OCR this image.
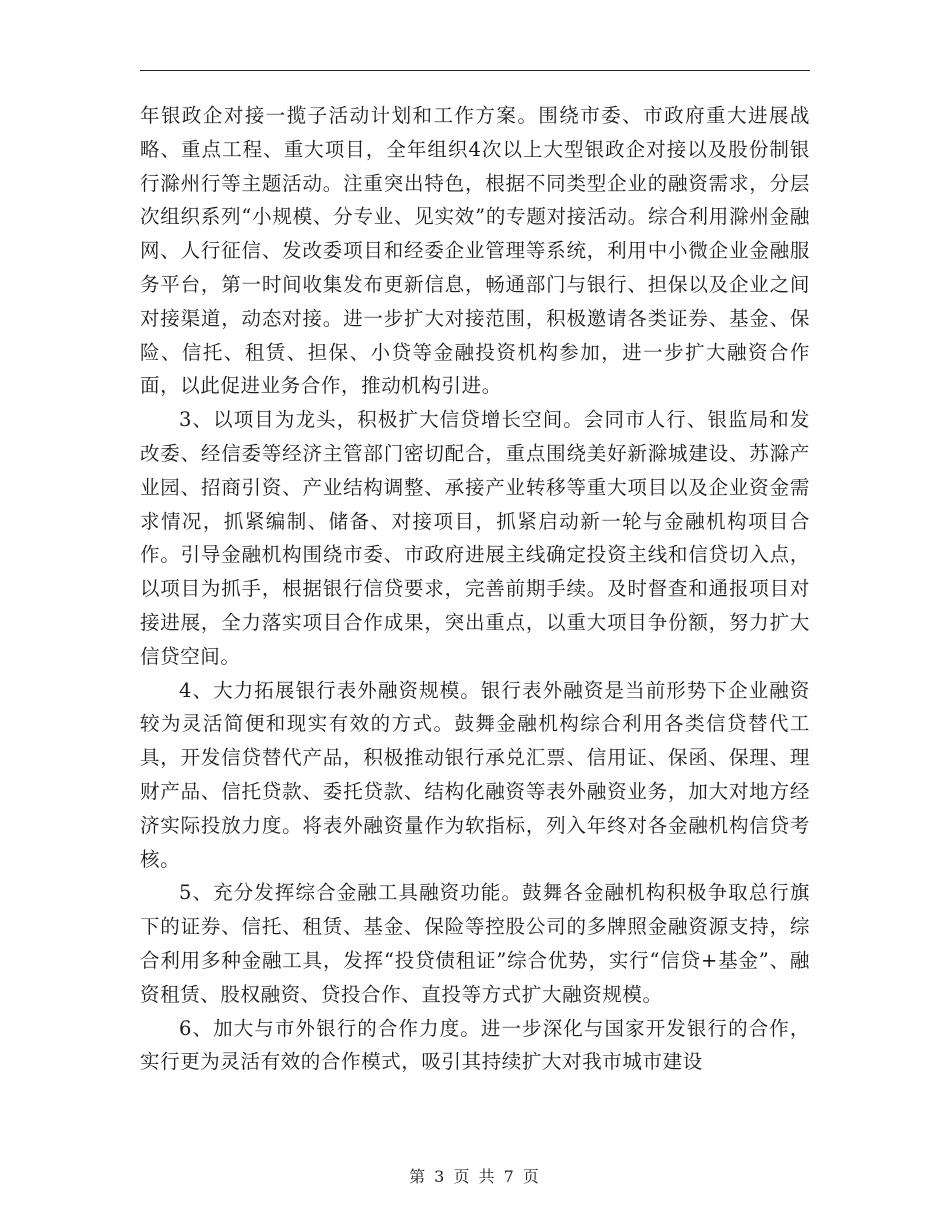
年银政企对接一揽子活动计划和工作方案。围绕市委、市政府重大进展战略、重点工程、重大项目，全年组织4次以上大型银政企对接以及股份制银行滁州行等主题活动。注重突出特色，根据不同类型企业的融资需求，分层次组织系列“小规模、分专业、见实效”的专题对接活动。综合利用滁州金融网、人行征信、发改委项目和经委企业管理等系统，利用中小微企业金融服务平台，第一时间收集发布更新信息，畅通部门与银行、担保以及企业之间对接渠道，动态对接。进一步扩大对接范围，积极邀请各类证券、基金、保险、信托、租赁、担保、小贷等金融投资机构参加，进一步扩大融资合作面，以此促进业务合作，推动机构引进。

3、以项目为龙头，积极扩大信贷增长空间。会同市人行、银监局和发改委、经信委等经济主管部门密切配合，重点围绕美好新滁城建设、苏滁产业园、招商引资、产业结构调整、承接产业转移等重大项目以及企业资金需求情况，抓紧编制、储备、对接项目，抓紧启动新一轮与金融机构项目合作。引导金融机构围绕市委、市政府进展主线确定投资主线和信贷切入点，以项目为抓手，根据银行信贷要求，完善前期手续。及时督查和通报项目对接进展，全力落实项目合作成果，突出重点，以重大项目争份额，努力扩大信贷空间。

4、大力拓展银行表外融资规模。银行表外融资是当前形势下企业融资较为灵活简便和现实有效的方式。鼓舞金融机构综合利用各类信贷替代工具，开发信贷替代产品，积极推动银行承兑汇票、信用证、保函、保理、理财产品、信托贷款、委托贷款、结构化融资等表外融资业务，加大对地方经济实际投放力度。将表外融资量作为软指标，列入年终对各金融机构信贷考核。

5、充分发挥综合金融工具融资功能。鼓舞各金融机构积极争取总行旗下的证券、信托、租赁、基金、保险等控股公司的多牌照金融资源支持，综合利用多种金融工具，发挥“投贷债租证”综合优势，实行“信贷+基金”、融资租赁、股权融资、贷投合作、直投等方式扩大融资规模。

6、加大与市外银行的合作力度。进一步深化与国家开发银行的合作，实行更为灵活有效的合作模式，吸引其持续扩大对我市城市建设

第 3 页 共 7 页
